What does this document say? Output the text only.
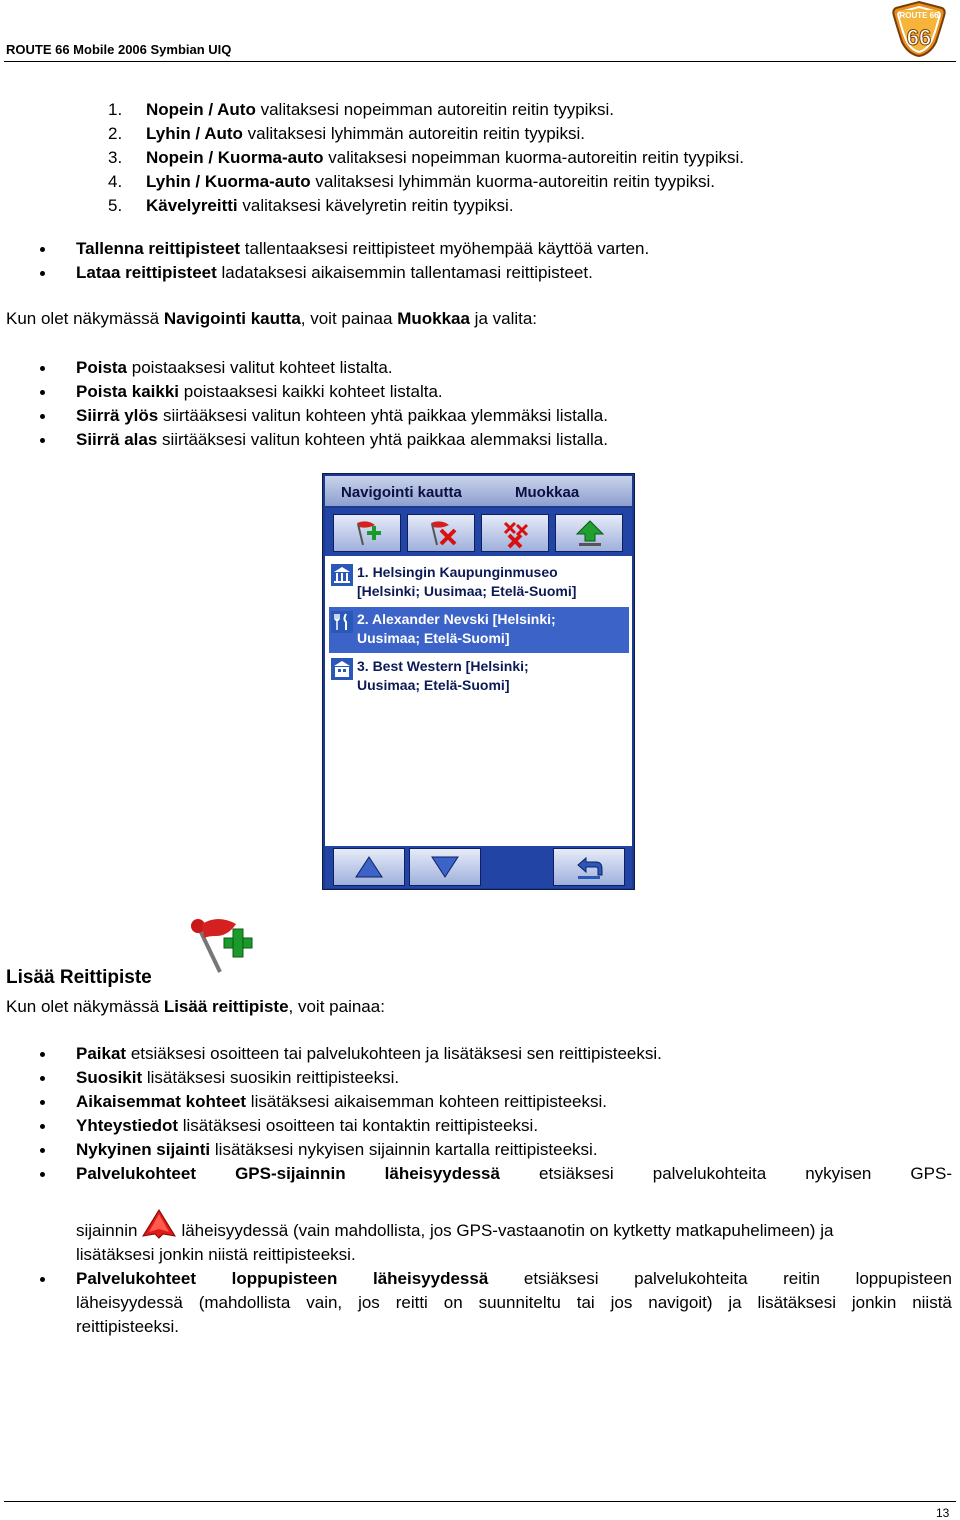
ROUTE 66 Mobile 2006 Symbian UIQ
ROUTE 66
66
1. Nopein / Auto valitaksesi nopeimman autoreitin reitin tyypiksi.
2. Lyhin / Auto valitaksesi lyhimmän autoreitin reitin tyypiksi.
3. Nopein / Kuorma-auto valitaksesi nopeimman kuorma-autoreitin reitin tyypiksi.
4. Lyhin / Kuorma-auto valitaksesi lyhimmän kuorma-autoreitin reitin tyypiksi.
5. Kävelyreitti valitaksesi kävelyretin reitin tyypiksi.
Tallenna reittipisteet tallentaaksesi reittipisteet myöhempää käyttöä varten.
Lataa reittipisteet ladataksesi aikaisemmin tallentamasi reittipisteet.
Kun olet näkymässä Navigointi kautta, voit painaa Muokkaa ja valita:
Poista poistaaksesi valitut kohteet listalta.
Poista kaikki poistaaksesi kaikki kohteet listalta.
Siirrä ylös siirtääksesi valitun kohteen yhtä paikkaa ylemmäksi listalla.
Siirrä alas siirtääksesi valitun kohteen yhtä paikkaa alemmaksi listalla.
Navigointi kautta	Muokkaa
1. Helsingin Kaupunginmuseo
[Helsinki; Uusimaa; Etelä-Suomi]
2. Alexander Nevski [Helsinki;
Uusimaa; Etelä-Suomi]
3. Best Western [Helsinki;
Uusimaa; Etelä-Suomi]
Lisää Reittipiste
Kun olet näkymässä Lisää reittipiste, voit painaa:
Paikat etsiäksesi osoitteen tai palvelukohteen ja lisätäksesi sen reittipisteeksi.
Suosikit lisätäksesi suosikin reittipisteeksi.
Aikaisemmat kohteet lisätäksesi aikaisemman kohteen reittipisteeksi.
Yhteystiedot lisätäksesi osoitteen tai kontaktin reittipisteeksi.
Nykyinen sijainti lisätäksesi nykyisen sijainnin kartalla reittipisteeksi.
Palvelukohteet GPS-sijainnin läheisyydessä etsiäksesi palvelukohteita nykyisen GPS-
sijainnin	läheisyydessä (vain mahdollista, jos GPS-vastaanotin on kytketty matkapuhelimeen) ja
lisätäksesi jonkin niistä reittipisteeksi.
Palvelukohteet loppupisteen läheisyydessä etsiäksesi palvelukohteita reitin loppupisteen
läheisyydessä (mahdollista vain, jos reitti on suunniteltu tai jos navigoit) ja lisätäksesi jonkin niistä
reittipisteeksi.
13
